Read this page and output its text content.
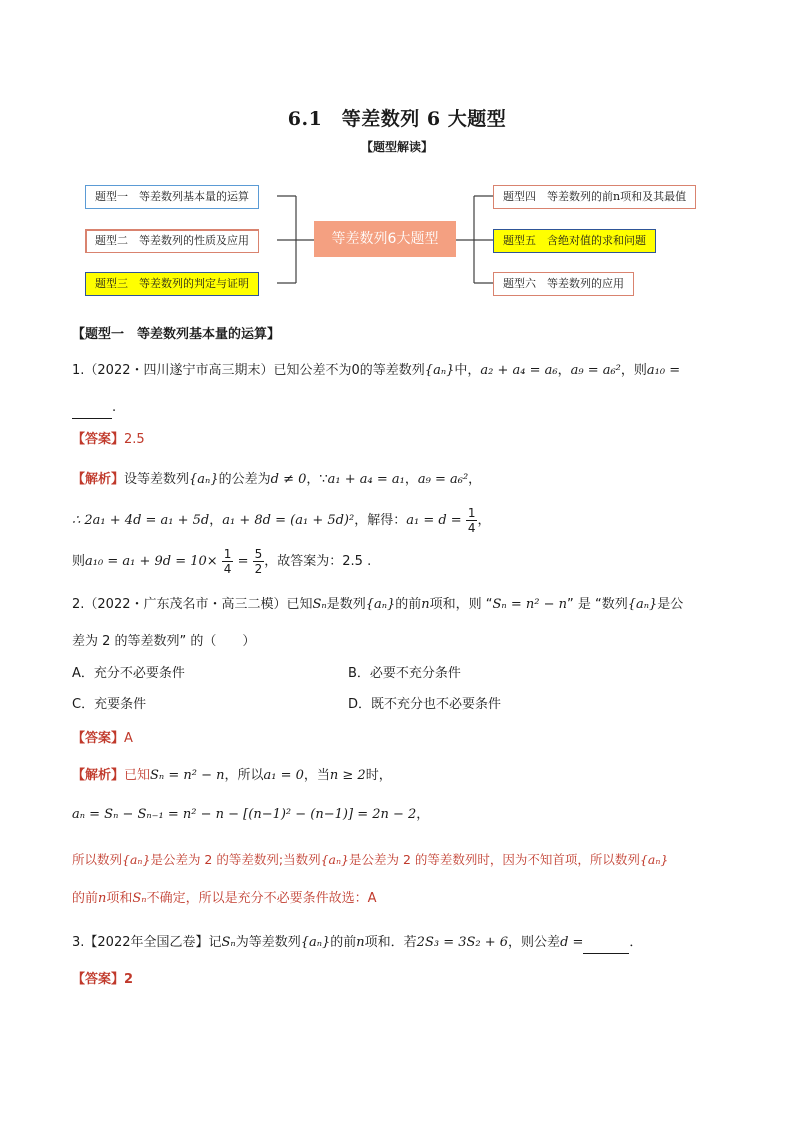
6.1　等差数列 6 大题型
【题型解读】
题型一　等差数列基本量的运算
题型二　等差数列的性质及应用
题型三　等差数列的判定与证明
等差数列6大题型
题型四　等差数列的前n项和及其最值
题型五　含绝对值的求和问题
题型六　等差数列的应用
【题型一　等差数列基本量的运算】
1.（2022・四川遂宁市高三期末）已知公差不为0的等差数列{aₙ}中，a₂ + a₄ = a₆，a₉ = a₆²，则a₁₀ =
.
【答案】2.5
【解析】设等差数列{aₙ}的公差为d ≠ 0，∵a₁ + a₄ = a₁，a₉ = a₆²，
∴ 2a₁ + 4d = a₁ + 5d，a₁ + 8d = (a₁ + 5d)²，解得：$a_1 = d = \frac{1}{4}$ ，
则$a_{10} = a_1 + 9d = 10\times \frac{1}{4} = \frac{5}{2}$ ，故答案为：2.5 .
2.（2022・广东茂名市・高三二模）已知Sₙ是数列{aₙ}的前n项和，则 “Sₙ = n² − n” 是 “数列{aₙ}是公
差为 2 的等差数列” 的（　　）
A．充分不必要条件	B．必要不充分条件
C．充要条件	D．既不充分也不必要条件
【答案】A
【解析】已知Sₙ = n² − n，所以a₁ = 0，当n ≥ 2时，
aₙ = Sₙ − Sₙ₋₁ = n² − n − [(n−1)² − (n−1)] = 2n − 2，
所以数列{aₙ}是公差为 2 的等差数列;当数列{aₙ}是公差为 2 的等差数列时，因为不知首项，所以数列{aₙ}
的前n项和Sₙ不确定，所以是充分不必要条件故选：A
3.【2022年全国乙卷】记Sₙ为等差数列{aₙ}的前n项和．若2S₃ = 3S₂ + 6，则公差d =	．
【答案】2
